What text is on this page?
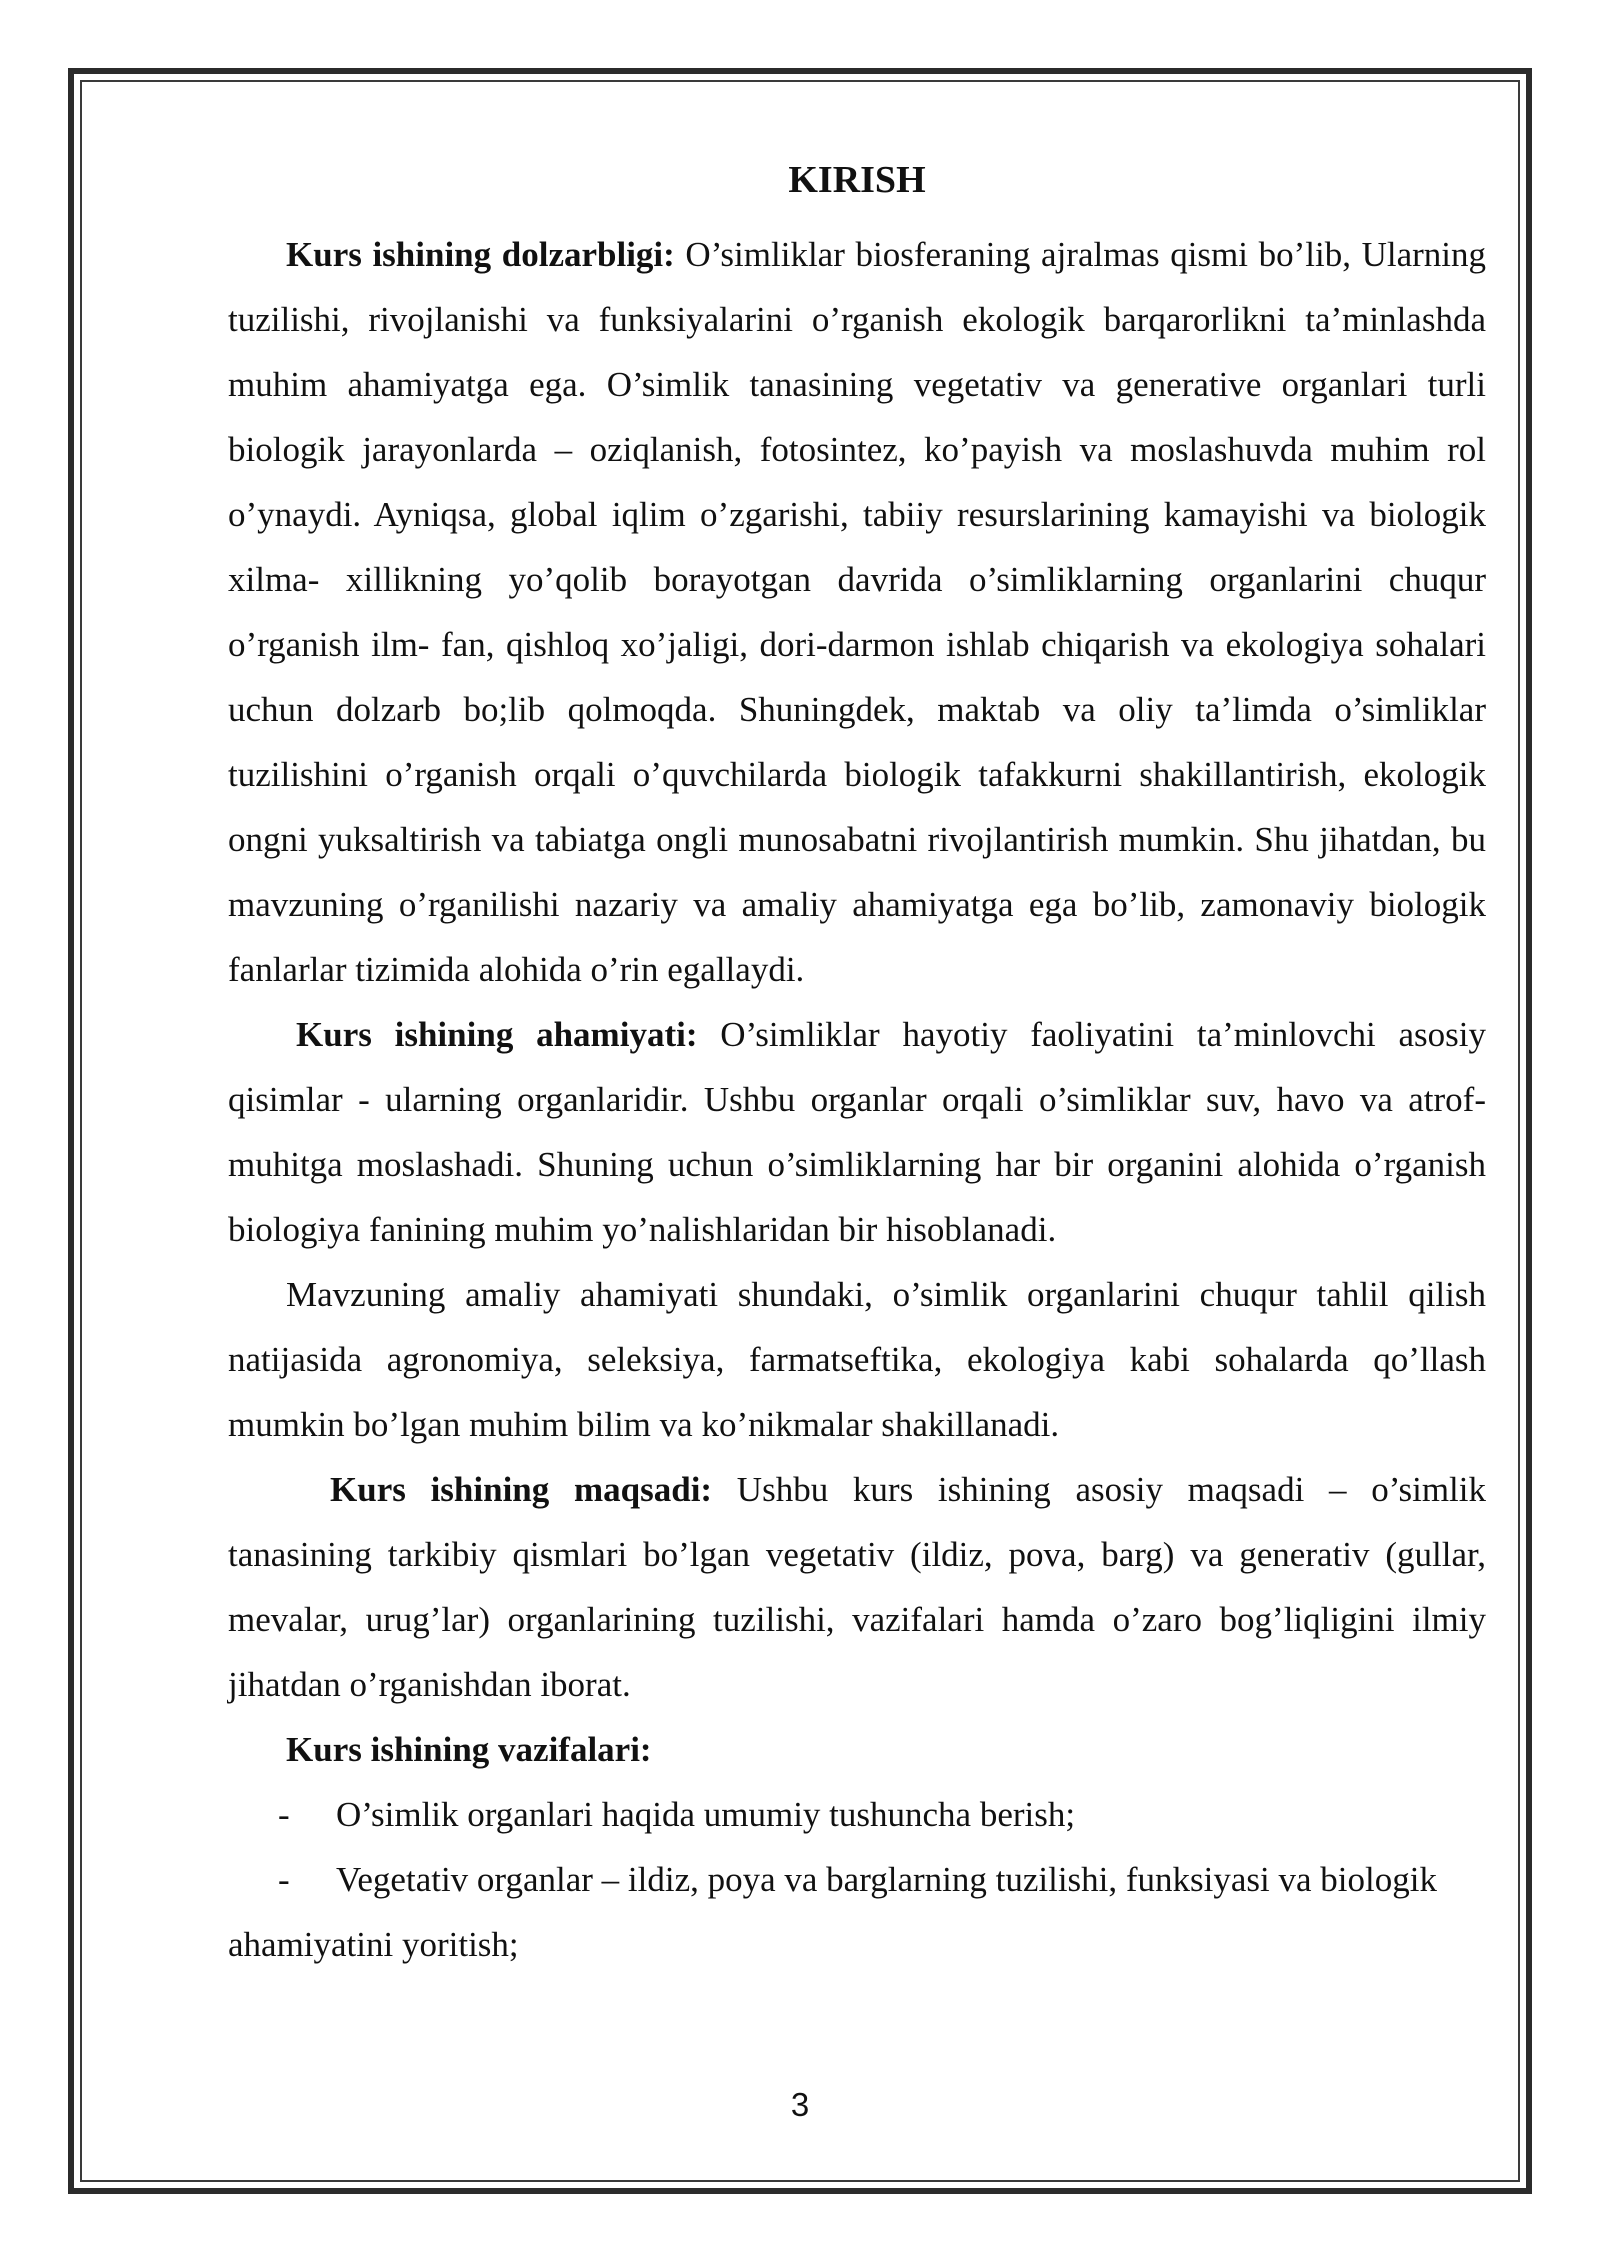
KIRISH

Kurs ishining dolzarbligi: O’simliklar biosferaning ajralmas qismi bo’lib, Ularning tuzilishi, rivojlanishi va funksiyalarini o’rganish ekologik barqarorlikni ta’minlashda muhim ahamiyatga ega. O’simlik tanasining vegetativ va generative organlari turli biologik jarayonlarda – oziqlanish, fotosintez, ko’payish va moslashuvda muhim rol o’ynaydi. Ayniqsa, global iqlim o’zgarishi, tabiiy resurslarining kamayishi va biologik xilma- xillikning yo’qolib borayotgan davrida o’simliklarning organlarini chuqur o’rganish ilm- fan, qishloq xo’jaligi, dori-darmon ishlab chiqarish va ekologiya sohalari uchun dolzarb bo;lib qolmoqda. Shuningdek, maktab va oliy ta’limda o’simliklar tuzilishini o’rganish orqali o’quvchilarda biologik tafakkurni shakillantirish, ekologik ongni yuksaltirish va tabiatga ongli munosabatni rivojlantirish mumkin. Shu jihatdan, bu mavzuning o’rganilishi nazariy va amaliy ahamiyatga ega bo’lib, zamonaviy biologik fanlarlar tizimida alohida o’rin egallaydi.

Kurs ishining ahamiyati: O’simliklar hayotiy faoliyatini ta’minlovchi asosiy qisimlar - ularning organlaridir. Ushbu organlar orqali o’simliklar suv, havo va atrof-muhitga moslashadi. Shuning uchun o’simliklarning har bir organini alohida o’rganish biologiya fanining muhim yo’nalishlaridan bir hisoblanadi.

Mavzuning amaliy ahamiyati shundaki, o’simlik organlarini chuqur tahlil qilish natijasida agronomiya, seleksiya, farmatseftika, ekologiya kabi sohalarda qo’llash mumkin bo’lgan muhim bilim va ko’nikmalar shakillanadi.

Kurs ishining maqsadi: Ushbu kurs ishining asosiy maqsadi – o’simlik tanasining tarkibiy qismlari bo’lgan vegetativ (ildiz, pova, barg) va generativ (gullar, mevalar, urug’lar) organlarining tuzilishi, vazifalari hamda o’zaro bog’liqligini ilmiy jihatdan o’rganishdan iborat.

Kurs ishining vazifalari:

- O’simlik organlari haqida umumiy tushuncha berish;
- Vegetativ organlar – ildiz, poya va barglarning tuzilishi, funksiyasi va biologik ahamiyatini yoritish;
3
